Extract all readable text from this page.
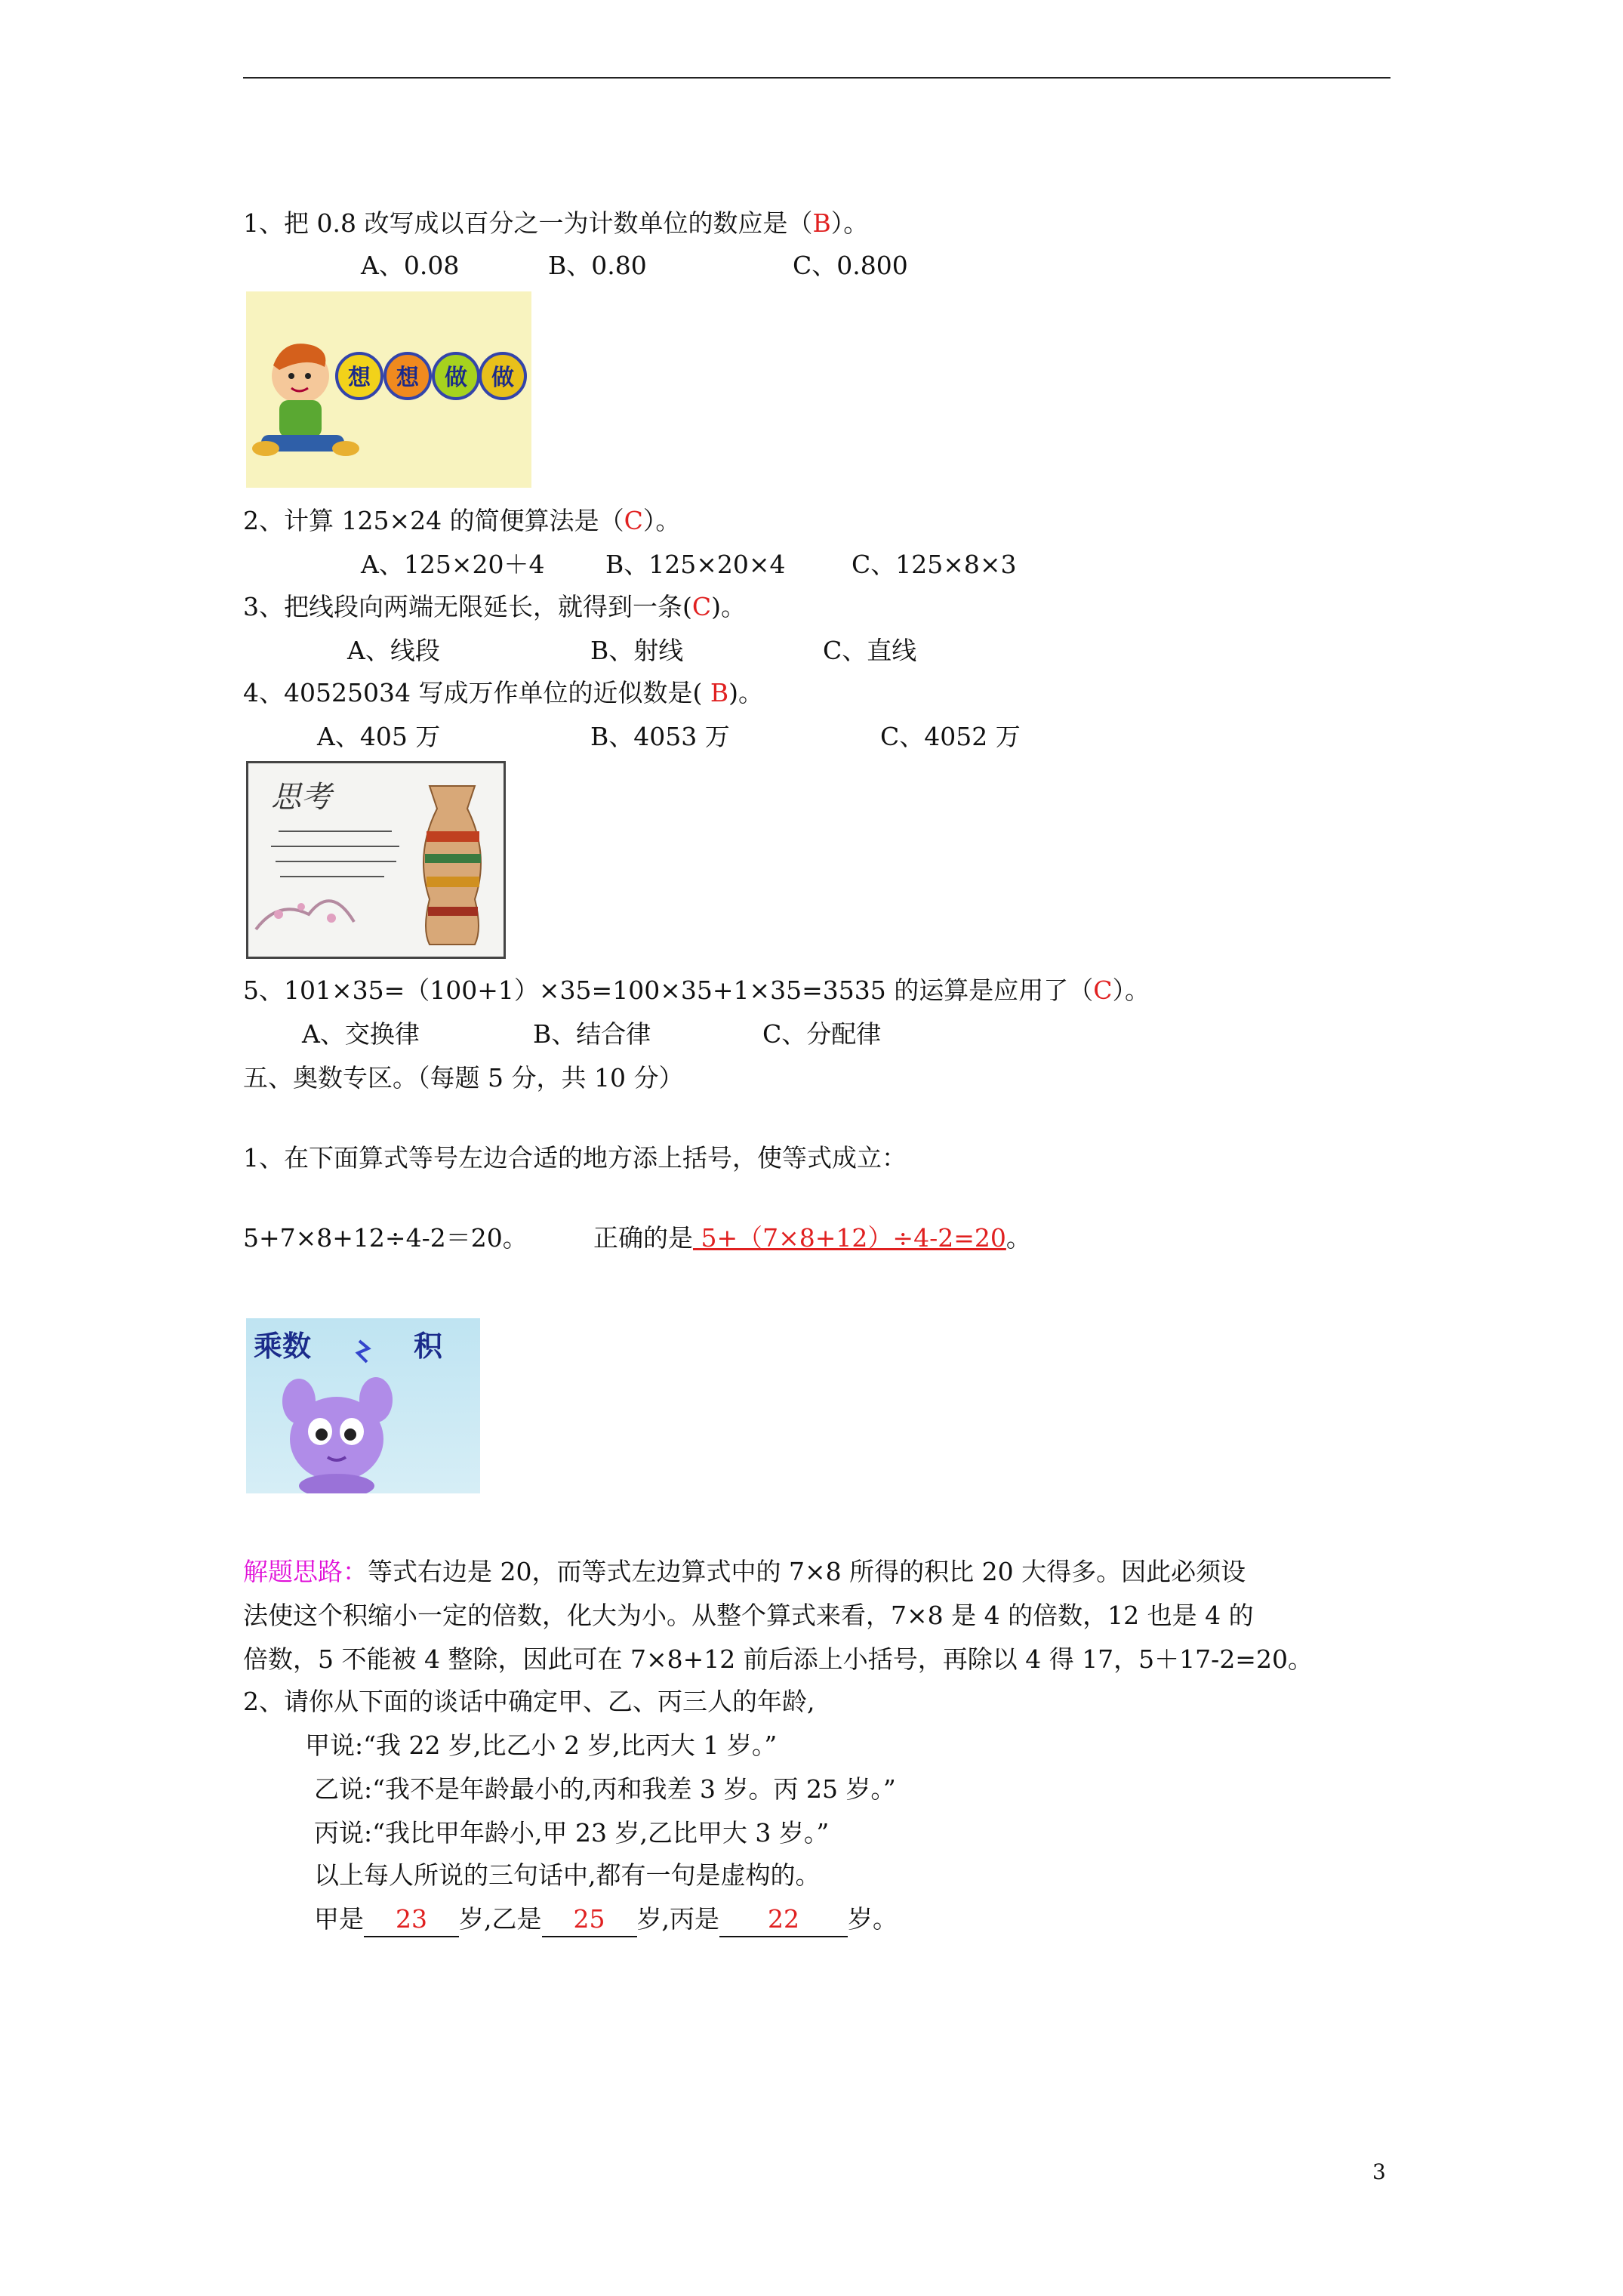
1、把 0.8 改写成以百分之一为计数单位的数应是（B）。
A、0.08	B、0.80	C、0.800
想 想 做 做
2、计算 125×24 的简便算法是（C）。
A、125×20＋4 B、125×20×4	C、125×8×3
3、把线段向两端无限延长，就得到一条(C)。
A、线段	B、射线	C、直线
4、40525034 写成万作单位的近似数是( B)。
A、405 万	B、4053 万	C、4052 万
思考
5、101×35=（100+1）×35=100×35+1×35=3535 的运算是应用了（C）。
A、交换律	B、结合律	C、分配律
五、奥数专区。（每题 5 分，共 10 分）
1、在下面算式等号左边合适的地方添上括号，使等式成立：
5+7×8+12÷4-2＝20。	正确的是 5+（7×8+12）÷4-2=20。
乘数	积
解题思路：等式右边是 20，而等式左边算式中的 7×8 所得的积比 20 大得多。因此必须设
法使这个积缩小一定的倍数，化大为小。从整个算式来看，7×8 是 4 的倍数，12 也是 4 的
倍数，5 不能被 4 整除，因此可在 7×8+12 前后添上小括号，再除以 4 得 17，5＋17-2=20。
2、请你从下面的谈话中确定甲、乙、丙三人的年龄,
甲说:“我 22 岁,比乙小 2 岁,比丙大 1 岁。”
乙说:“我不是年龄最小的,丙和我差 3 岁。丙 25 岁。”
丙说:“我比甲年龄小,甲 23 岁,乙比甲大 3 岁。”
以上每人所说的三句话中,都有一句是虚构的。
甲是 23 岁,乙是 25 岁,丙是 22 岁。
3
